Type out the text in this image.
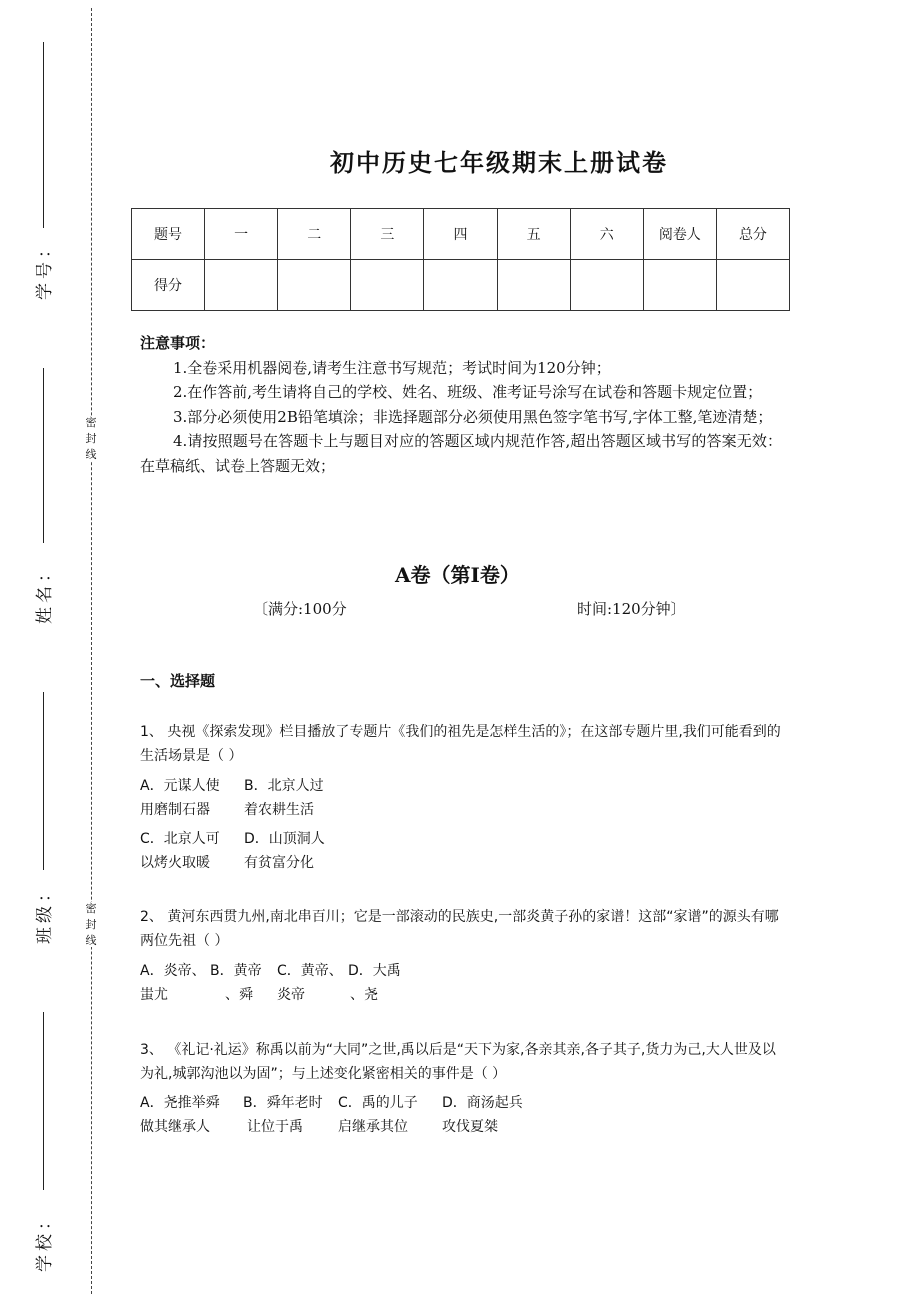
学号：
姓名：
班级：
学校：
密
封
线
密
封
线
初中历史七年级期末上册试卷
题号	一	二	三	四	五	六	阅卷人	总分
得分								
注意事项：

1.全卷采用机器阅卷,请考生注意书写规范；考试时间为120分钟；

2.在作答前,考生请将自己的学校、姓名、班级、准考证号涂写在试卷和答题卡规定位置；

3.部分必须使用2B铅笔填涂；非选择题部分必须使用黑色签字笔书写,字体工整,笔迹清楚；

4.请按照题号在答题卡上与题目对应的答题区域内规范作答,超出答题区域书写的答案无效：在草稿纸、试卷上答题无效；

A卷（第I卷）
〔满分:100分	时间:120分钟〕
一、选择题

1、 央视《探索发现》栏目播放了专题片《我们的祖先是怎样生活的》；在这部专题片里,我们可能看到的生活场景是（ ）

A．元谋人使
用磨制石器
B．北京人过
着农耕生活
C．北京人可
以烤火取暖
D．山顶洞人
有贫富分化

2、 黄河东西贯九州,南北串百川；它是一部滚动的民族史,一部炎黄子孙的家谱！这部“家谱”的源头有哪两位先祖（ ）

A．炎帝、
蚩尤
B．黄帝
、舜
C．黄帝、
炎帝
D．大禹
、尧

3、 《礼记·礼运》称禹以前为“大同”之世,禹以后是“天下为家,各亲其亲,各子其子,货力为己,大人世及以为礼,城郭沟池以为固”；与上述变化紧密相关的事件是（ ）

A．尧推举舜
做其继承人
B．舜年老时
让位于禹
C．禹的儿子
启继承其位
D．商汤起兵
攻伐夏桀
